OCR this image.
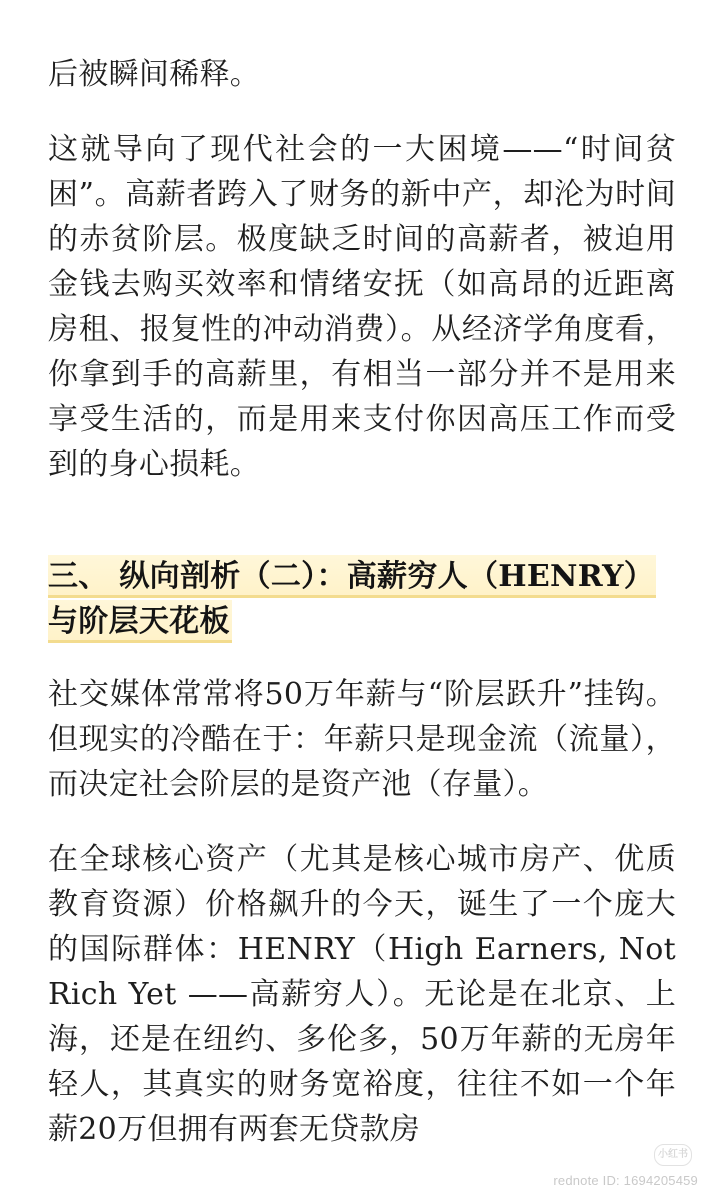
后被瞬间稀释。

这就导向了现代社会的一大困境——“时间贫困”。高薪者跨入了财务的新中产，却沦为时间的赤贫阶层。极度缺乏时间的高薪者，被迫用金钱去购买效率和情绪安抚（如高昂的近距离房租、报复性的冲动消费）。从经济学角度看，你拿到手的高薪里，有相当一部分并不是用来享受生活的，而是用来支付你因高压工作而受到的身心损耗。

三、 纵向剖析（二）：高薪穷人（HENRY）与阶层天花板

社交媒体常常将50万年薪与“阶层跃升”挂钩。但现实的冷酷在于：年薪只是现金流（流量），而决定社会阶层的是资产池（存量）。

在全球核心资产（尤其是核心城市房产、优质教育资源）价格飙升的今天，诞生了一个庞大的国际群体：HENRY（High Earners, Not Rich Yet ——高薪穷人）。无论是在北京、上海，还是在纽约、多伦多，50万年薪的无房年轻人，其真实的财务宽裕度，往往不如一个年薪20万但拥有两套无贷款房

小红书
rednote ID: 1694205459
